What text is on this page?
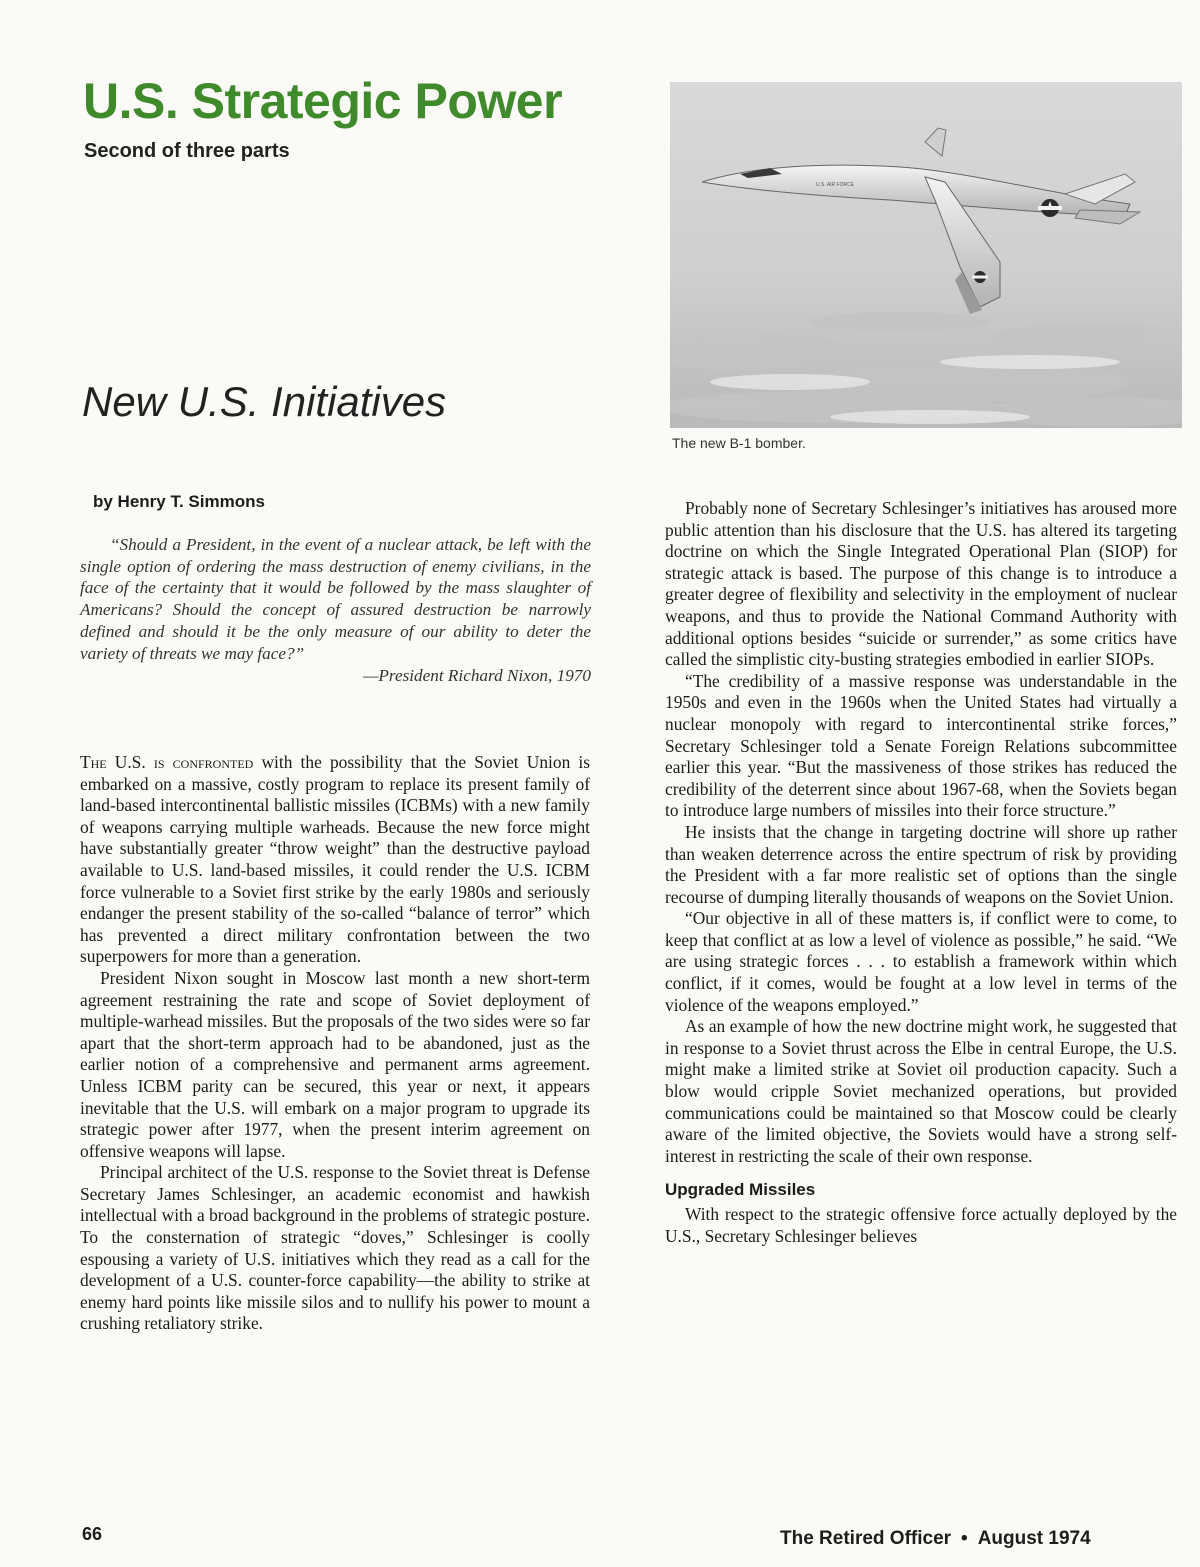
U.S. Strategic Power
Second of three parts
New U.S. Initiatives
U.S. AIR FORCE
The new B-1 bomber.
by Henry T. Simmons

“Should a President, in the event of a nuclear attack, be left with the single option of ordering the mass destruction of enemy civilians, in the face of the certainty that it would be followed by the mass slaughter of Americans? Should the concept of assured destruction be narrowly defined and should it be the only measure of our ability to deter the variety of threats we may face?”

—President Richard Nixon, 1970

The U.S. is confronted with the possibility that the Soviet Union is embarked on a massive, costly program to replace its present family of land-based intercontinental ballistic missiles (ICBMs) with a new family of weapons carrying multiple warheads. Because the new force might have substantially greater “throw weight” than the destructive payload available to U.S. land-based missiles, it could render the U.S. ICBM force vulnerable to a Soviet first strike by the early 1980s and seriously endanger the present stability of the so-called “balance of terror” which has prevented a direct military confrontation between the two superpowers for more than a generation.

President Nixon sought in Moscow last month a new short-term agreement restraining the rate and scope of Soviet deployment of multiple-warhead missiles. But the proposals of the two sides were so far apart that the short-term approach had to be abandoned, just as the earlier notion of a comprehensive and permanent arms agreement. Unless ICBM parity can be secured, this year or next, it appears inevitable that the U.S. will embark on a major program to upgrade its strategic power after 1977, when the present interim agreement on offensive weapons will lapse.

Principal architect of the U.S. response to the Soviet threat is Defense Secretary James Schlesinger, an academic economist and hawkish intellectual with a broad background in the problems of strategic posture. To the consternation of strategic “doves,” Schlesinger is coolly espousing a variety of U.S. initiatives which they read as a call for the development of a U.S. counter-force capability—the ability to strike at enemy hard points like missile silos and to nullify his power to mount a crushing retaliatory strike.

Probably none of Secretary Schlesinger’s initiatives has aroused more public attention than his disclosure that the U.S. has altered its targeting doctrine on which the Single Integrated Operational Plan (SIOP) for strategic attack is based. The purpose of this change is to introduce a greater degree of flexibility and selectivity in the employment of nuclear weapons, and thus to provide the National Command Authority with additional options besides “suicide or surrender,” as some critics have called the simplistic city-busting strategies embodied in earlier SIOPs.

“The credibility of a massive response was understandable in the 1950s and even in the 1960s when the United States had virtually a nuclear monopoly with regard to intercontinental strike forces,” Secretary Schlesinger told a Senate Foreign Relations subcommittee earlier this year. “But the massiveness of those strikes has reduced the credibility of the deterrent since about 1967-68, when the Soviets began to introduce large numbers of missiles into their force structure.”

He insists that the change in targeting doctrine will shore up rather than weaken deterrence across the entire spectrum of risk by providing the President with a far more realistic set of options than the single recourse of dumping literally thousands of weapons on the Soviet Union.

“Our objective in all of these matters is, if conflict were to come, to keep that conflict at as low a level of violence as possible,” he said. “We are using strategic forces . . . to establish a framework within which conflict, if it comes, would be fought at a low level in terms of the violence of the weapons employed.”

As an example of how the new doctrine might work, he suggested that in response to a Soviet thrust across the Elbe in central Europe, the U.S. might make a limited strike at Soviet oil production capacity. Such a blow would cripple Soviet mechanized operations, but provided communications could be maintained so that Moscow could be clearly aware of the limited objective, the Soviets would have a strong self-interest in restricting the scale of their own response.

Upgraded Missiles

With respect to the strategic offensive force actually deployed by the U.S., Secretary Schlesinger believes

66	The Retired Officer • August 1974
